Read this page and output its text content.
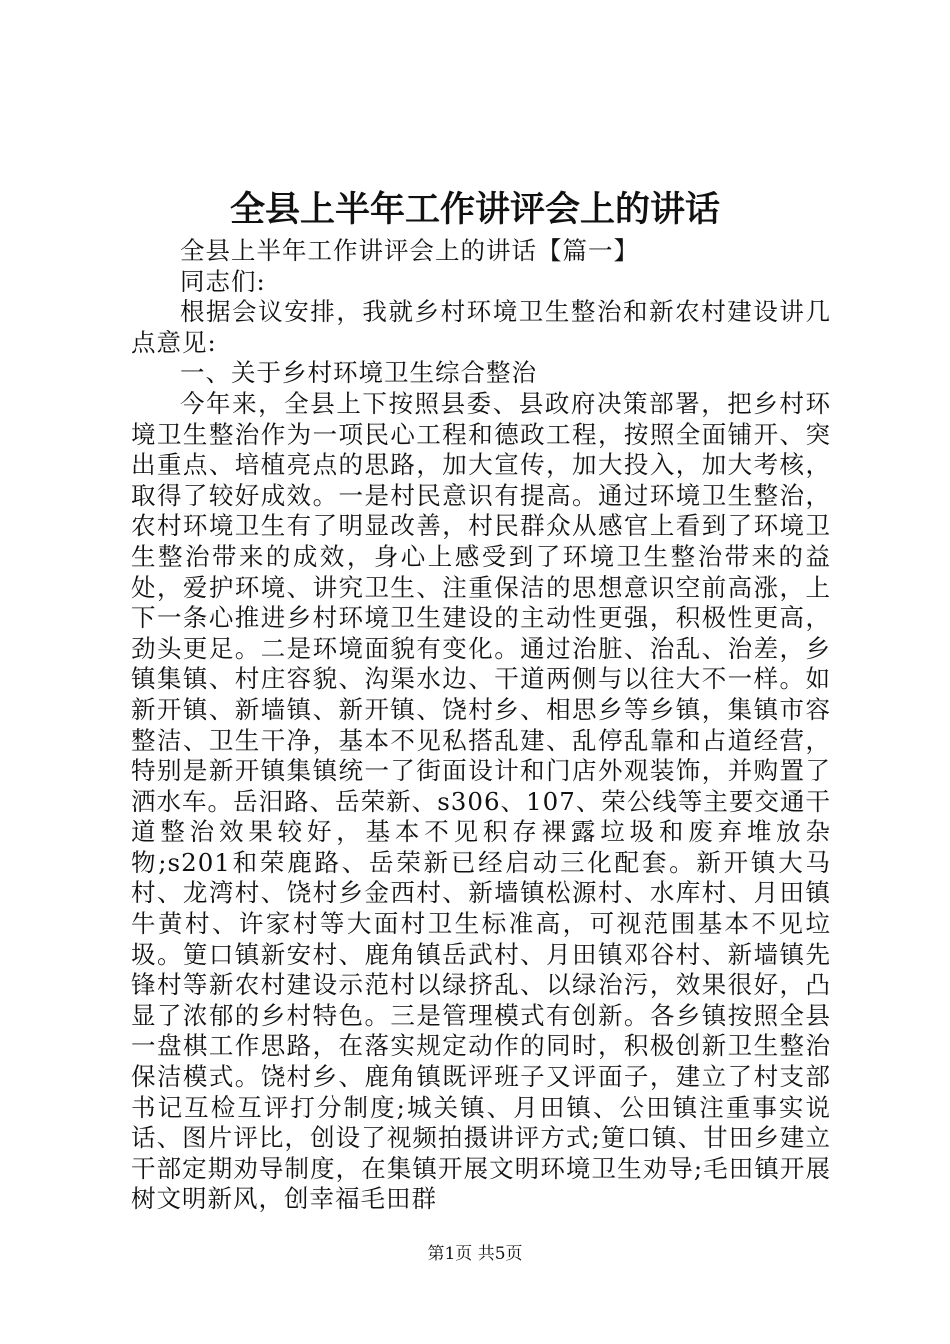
全县上半年工作讲评会上的讲话

全县上半年工作讲评会上的讲话【篇一】

同志们:

根据会议安排，我就乡村环境卫生整治和新农村建设讲几点意见:

一、关于乡村环境卫生综合整治

今年来，全县上下按照县委、县政府决策部署，把乡村环境卫生整治作为一项民心工程和德政工程，按照全面铺开、突出重点、培植亮点的思路，加大宣传，加大投入，加大考核，取得了较好成效。一是村民意识有提高。通过环境卫生整治，农村环境卫生有了明显改善，村民群众从感官上看到了环境卫生整治带来的成效，身心上感受到了环境卫生整治带来的益处，爱护环境、讲究卫生、注重保洁的思想意识空前高涨，上下一条心推进乡村环境卫生建设的主动性更强，积极性更高，劲头更足。二是环境面貌有变化。通过治脏、治乱、治差，乡镇集镇、村庄容貌、沟渠水边、干道两侧与以往大不一样。如新开镇、新墙镇、新开镇、饶村乡、相思乡等乡镇，集镇市容整洁、卫生干净，基本不见私搭乱建、乱停乱靠和占道经营，特别是新开镇集镇统一了街面设计和门店外观装饰，并购置了洒水车。岳汨路、岳荣新、s306、107、荣公线等主要交通干道整治效果较好，基本不见积存裸露垃圾和废弃堆放杂物;s201和荣鹿路、岳荣新已经启动三化配套。新开镇大马村、龙湾村、饶村乡金西村、新墙镇松源村、水库村、月田镇牛黄村、许家村等大面村卫生标准高，可视范围基本不见垃圾。筻口镇新安村、鹿角镇岳武村、月田镇邓谷村、新墙镇先锋村等新农村建设示范村以绿挤乱、以绿治污，效果很好，凸显了浓郁的乡村特色。三是管理模式有创新。各乡镇按照全县一盘棋工作思路，在落实规定动作的同时，积极创新卫生整治保洁模式。饶村乡、鹿角镇既评班子又评面子，建立了村支部书记互检互评打分制度;城关镇、月田镇、公田镇注重事实说话、图片评比，创设了视频拍摄讲评方式;筻口镇、甘田乡建立干部定期劝导制度，在集镇开展文明环境卫生劝导;毛田镇开展树文明新风，创幸福毛田群

第1页 共5页
